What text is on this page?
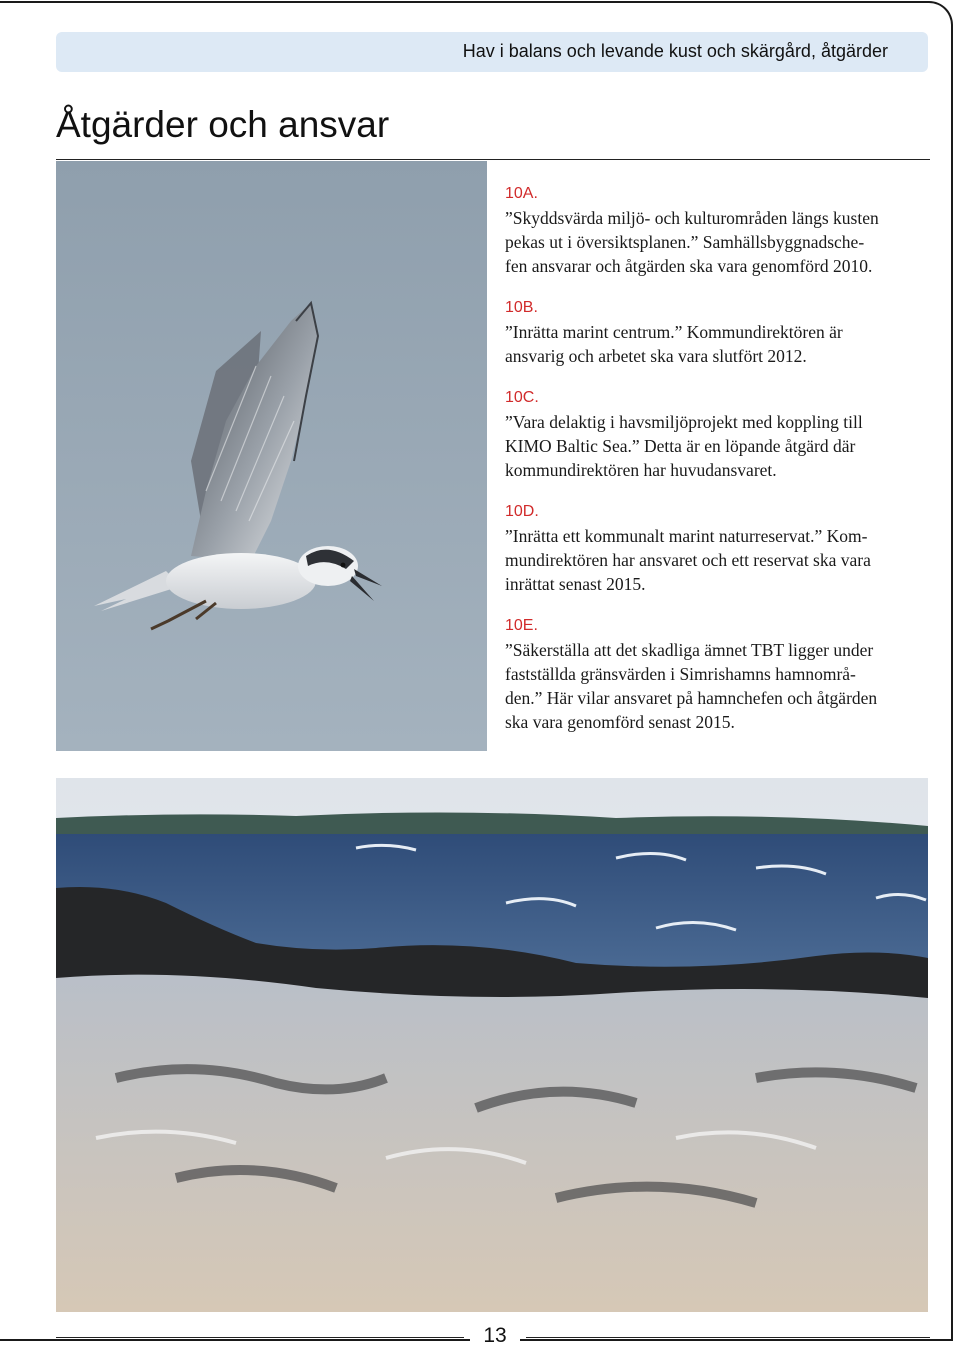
Hav i balans och levande kust och skärgård, åtgärder
Åtgärder och ansvar
10A.
”Skyddsvärda miljö- och kulturområden längs kusten
pekas ut i översiktsplanen.” Samhällsbyggnadsche-
fen ansvarar och åtgärden ska vara genomförd 2010.
10B.
”Inrätta marint centrum.” Kommundirektören är
ansvarig och arbetet ska vara slutfört 2012.
10C.
”Vara delaktig i havsmiljöprojekt med koppling till
KIMO Baltic Sea.” Detta är en löpande åtgärd där
kommundirektören har huvudansvaret.
10D.
”Inrätta ett kommunalt marint naturreservat.” Kom-
mundirektören har ansvaret och ett reservat ska vara
inrättat senast 2015.
10E.
”Säkerställa att det skadliga ämnet TBT ligger under
fastställda gränsvärden i Simrishamns hamnområ-
den.” Här vilar ansvaret på hamnchefen och åtgärden
ska vara genomförd senast 2015.
13
